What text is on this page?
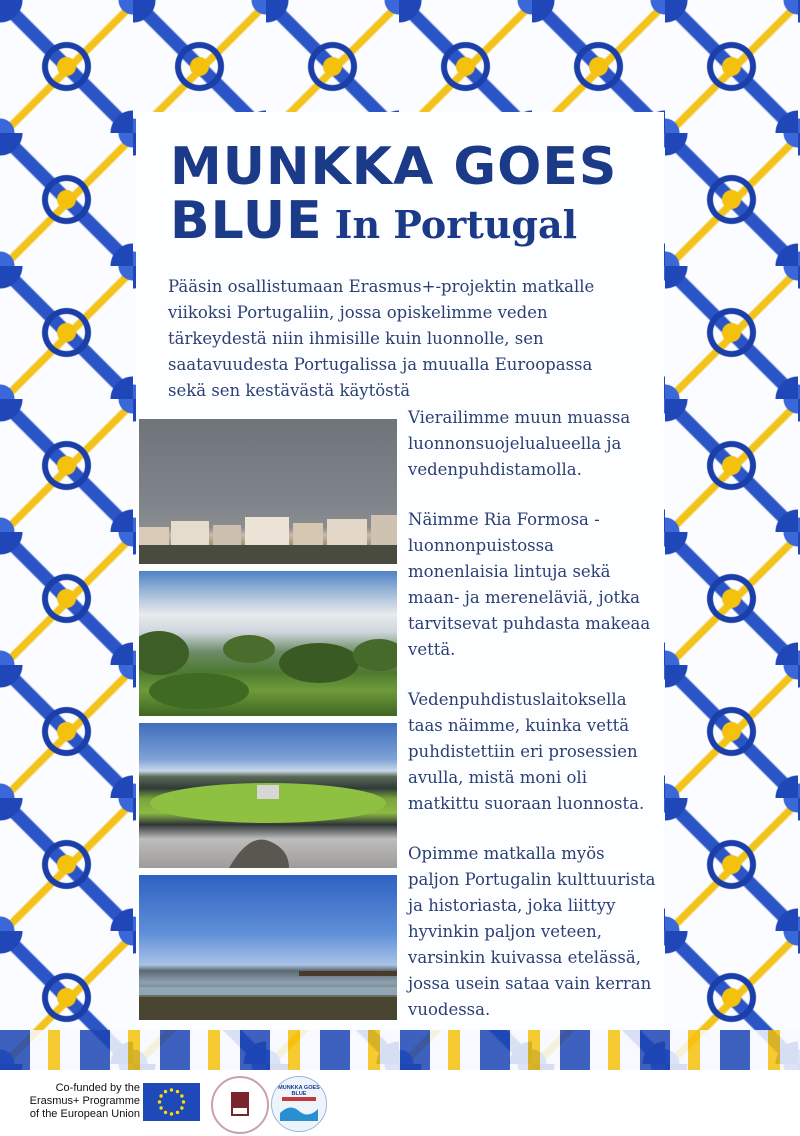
MUNKKA GOES
BLUE In Portugal

Pääsin osallistumaan Erasmus+-projektin matkalle viikoksi Portugaliin, jossa opiskelimme veden tärkeydestä niin ihmisille kuin luonnolle, sen saatavuudesta Portugalissa ja muualla Euroopassa sekä sen kestävästä käytöstä

Vierailimme muun muassa luonnonsuojelualueella ja vedenpuhdistamolla.

Näimme Ria Formosa -luonnonpuistossa monenlaisia lintuja sekä maan- ja mereneläviä, jotka tarvitsevat puhdasta makeaa vettä.

Vedenpuhdistuslaitoksella taas näimme, kuinka vettä puhdistettiin eri prosessien avulla, mistä moni oli matkittu suoraan luonnosta.

Opimme matkalla myös paljon Portugalin kulttuurista ja historiasta, joka liittyy hyvinkin paljon veteen, varsinkin kuivassa etelässä, jossa usein sataa vain kerran vuodessa.

Co-funded by the
Erasmus+ Programme
of the European Union

MUNKKA GOES BLUE
